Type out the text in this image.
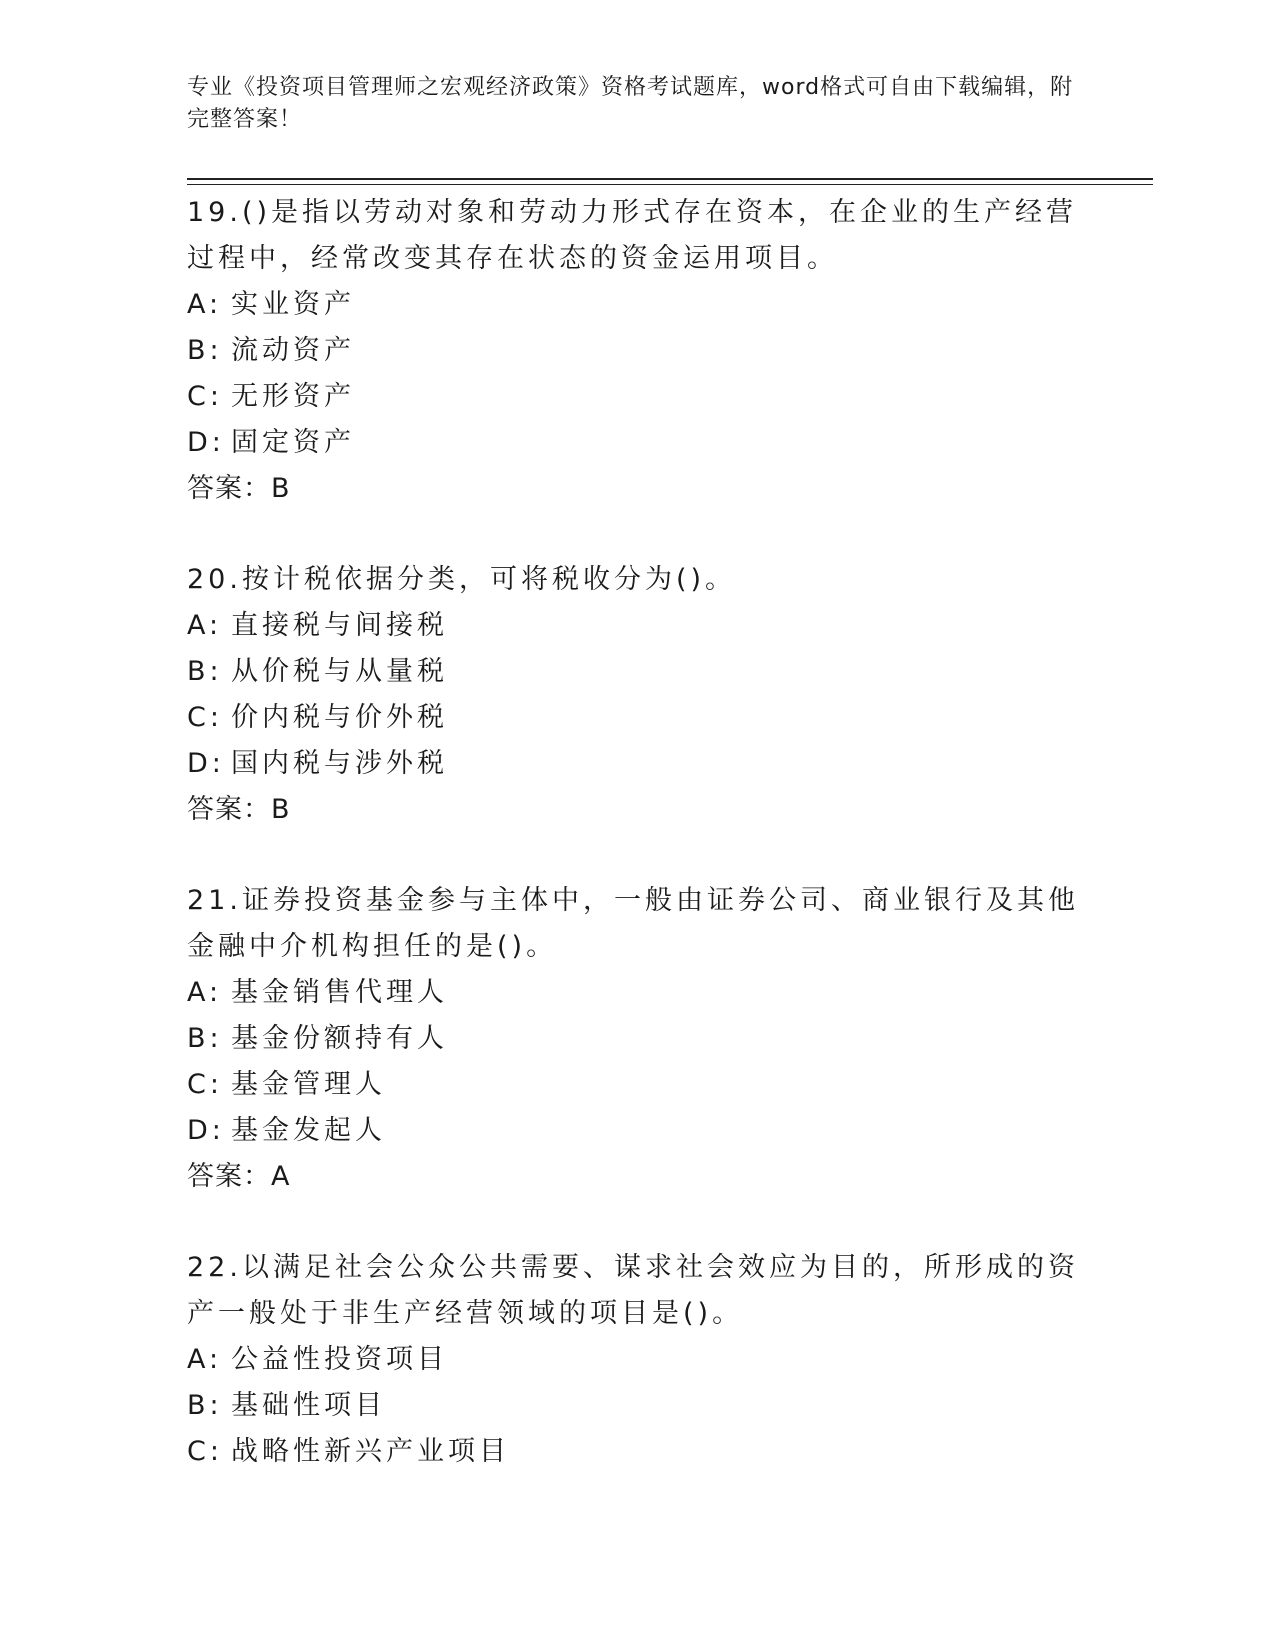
专业《投资项目管理师之宏观经济政策》资格考试题库，word格式可自由下载编辑，附完整答案！
19.()是指以劳动对象和劳动力形式存在资本，在企业的生产经营过程中，经常改变其存在状态的资金运用项目。
A: 实业资产
B: 流动资产
C: 无形资产
D: 固定资产
答案：B
20.按计税依据分类，可将税收分为()。
A: 直接税与间接税
B: 从价税与从量税
C: 价内税与价外税
D: 国内税与涉外税
答案：B
21.证券投资基金参与主体中，一般由证券公司、商业银行及其他金融中介机构担任的是()。
A: 基金销售代理人
B: 基金份额持有人
C: 基金管理人
D: 基金发起人
答案：A
22.以满足社会公众公共需要、谋求社会效应为目的，所形成的资产一般处于非生产经营领域的项目是()。
A: 公益性投资项目
B: 基础性项目
C: 战略性新兴产业项目
